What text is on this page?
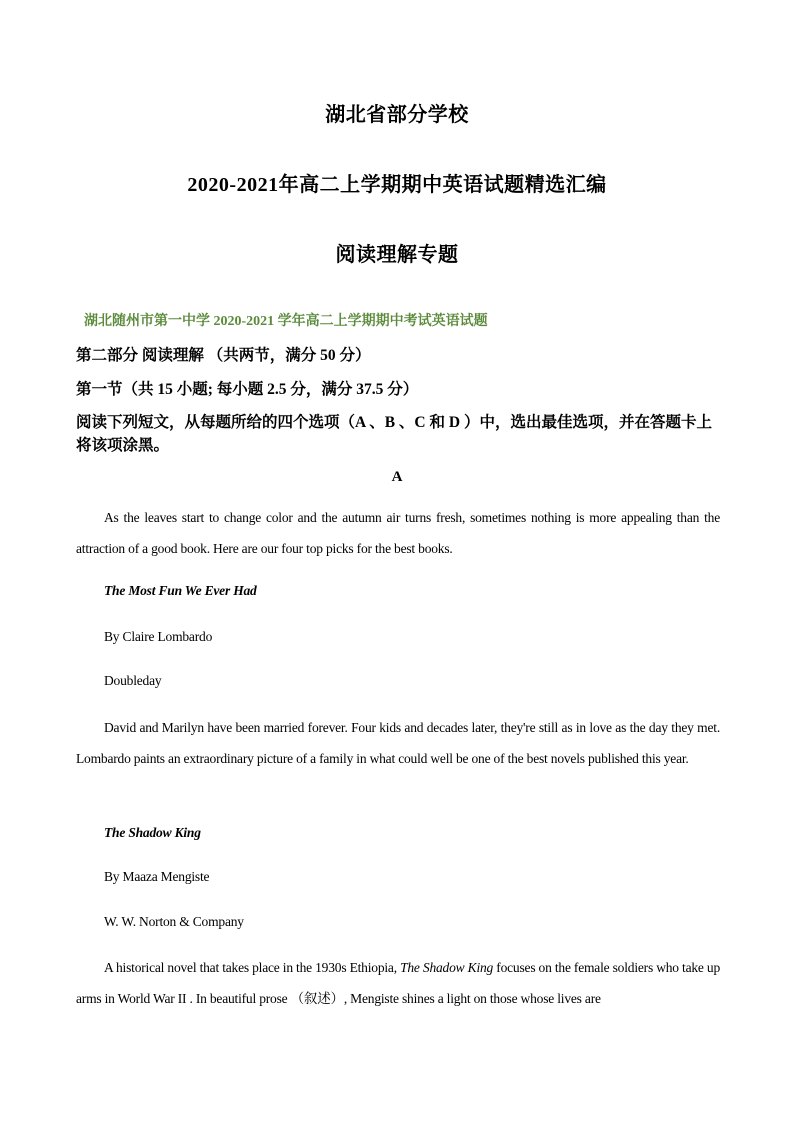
湖北省部分学校
2020-2021年高二上学期期中英语试题精选汇编
阅读理解专题
湖北随州市第一中学 2020-2021 学年高二上学期期中考试英语试题
第二部分 阅读理解 （共两节，满分 50 分）
第一节（共 15 小题; 每小题 2.5 分，满分 37.5 分）
阅读下列短文，从每题所给的四个选项（A 、B 、C 和 D ）中，选出最佳选项，并在答题卡上将该项涂黑。
A
As the leaves start to change color and the autumn air turns fresh, sometimes nothing is more appealing than the attraction of a good book. Here are our four top picks for the best books.
The Most Fun We Ever Had
By Claire Lombardo
Doubleday
David and Marilyn have been married forever. Four kids and decades later, they're still as in love as the day they met. Lombardo paints an extraordinary picture of a family in what could well be one of the best novels published this year.
The Shadow King
By Maaza Mengiste
W. W. Norton & Company
A historical novel that takes place in the 1930s Ethiopia, The Shadow King focuses on the female soldiers who take up arms in World War II . In beautiful prose （叙述）, Mengiste shines a light on those whose lives are
